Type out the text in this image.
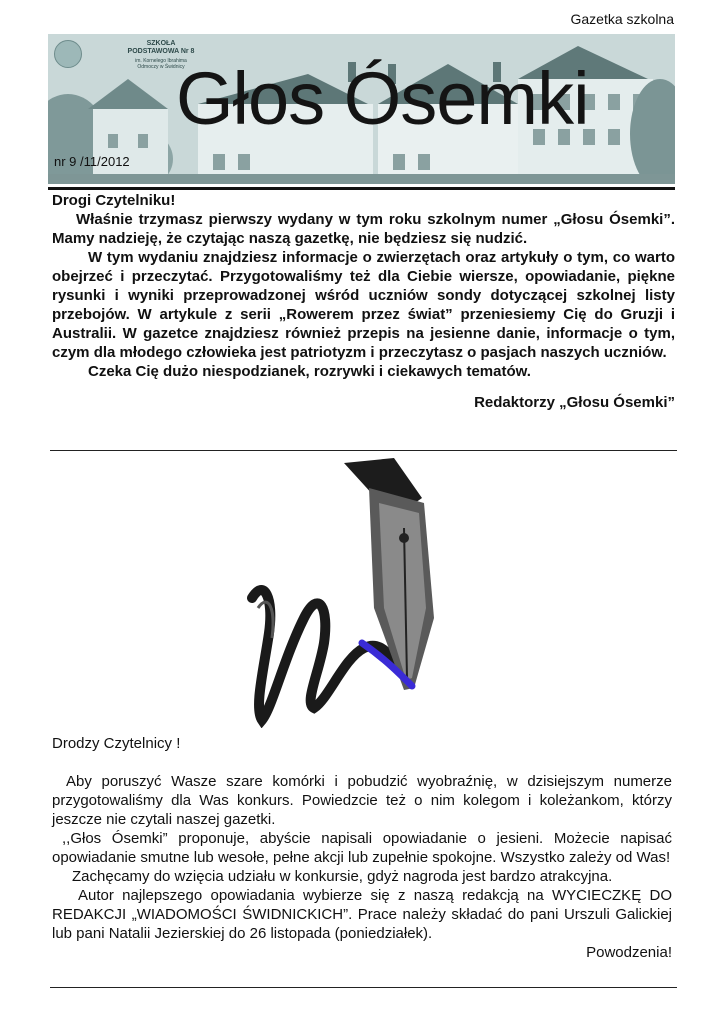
Gazetka szkolna
SZKOŁA
PODSTAWOWA Nr 8
im. Kornelego Ibrahima
Odmoczy w Świdnicy
Głos Ósemki
nr 9 /11/2012

Drogi Czytelniku!

Właśnie trzymasz pierwszy wydany w tym roku szkolnym numer „Głosu Ósemki”. Mamy nadzieję, że czytając naszą gazetkę, nie będziesz się nudzić.

W tym wydaniu znajdziesz informacje o zwierzętach oraz artykuły o tym, co warto obejrzeć i przeczytać. Przygotowaliśmy też dla Ciebie wiersze, opowiadanie, piękne rysunki i wyniki przeprowadzonej wśród uczniów sondy dotyczącej szkolnej listy przebojów. W artykule z serii „Rowerem przez świat” przeniesiemy Cię do Gruzji i Australii. W gazetce znajdziesz również przepis na jesienne danie, informacje o tym, czym dla młodego człowieka jest patriotyzm i przeczytasz o pasjach naszych uczniów.

Czeka Cię dużo niespodzianek, rozrywki i ciekawych tematów.

Redaktorzy „Głosu Ósemki”

Drodzy Czytelnicy !

Aby poruszyć Wasze szare komórki i pobudzić wyobraźnię, w dzisiejszym numerze przygotowaliśmy dla Was konkurs. Powiedzcie też o nim kolegom i koleżankom, którzy jeszcze nie czytali naszej gazetki.

,,Głos Ósemki” proponuje, abyście napisali opowiadanie o jesieni. Możecie napisać opowiadanie smutne lub wesołe, pełne akcji lub zupełnie spokojne. Wszystko zależy od Was!

Zachęcamy do wzięcia udziału w konkursie, gdyż nagroda jest bardzo atrakcyjna.

Autor najlepszego opowiadania wybierze się z naszą redakcją na WYCIECZKĘ DO REDAKCJI „WIADOMOŚCI ŚWIDNICKICH”. Prace należy składać do pani Urszuli Galickiej lub pani Natalii Jezierskiej do 26 listopada (poniedziałek).

Powodzenia!
